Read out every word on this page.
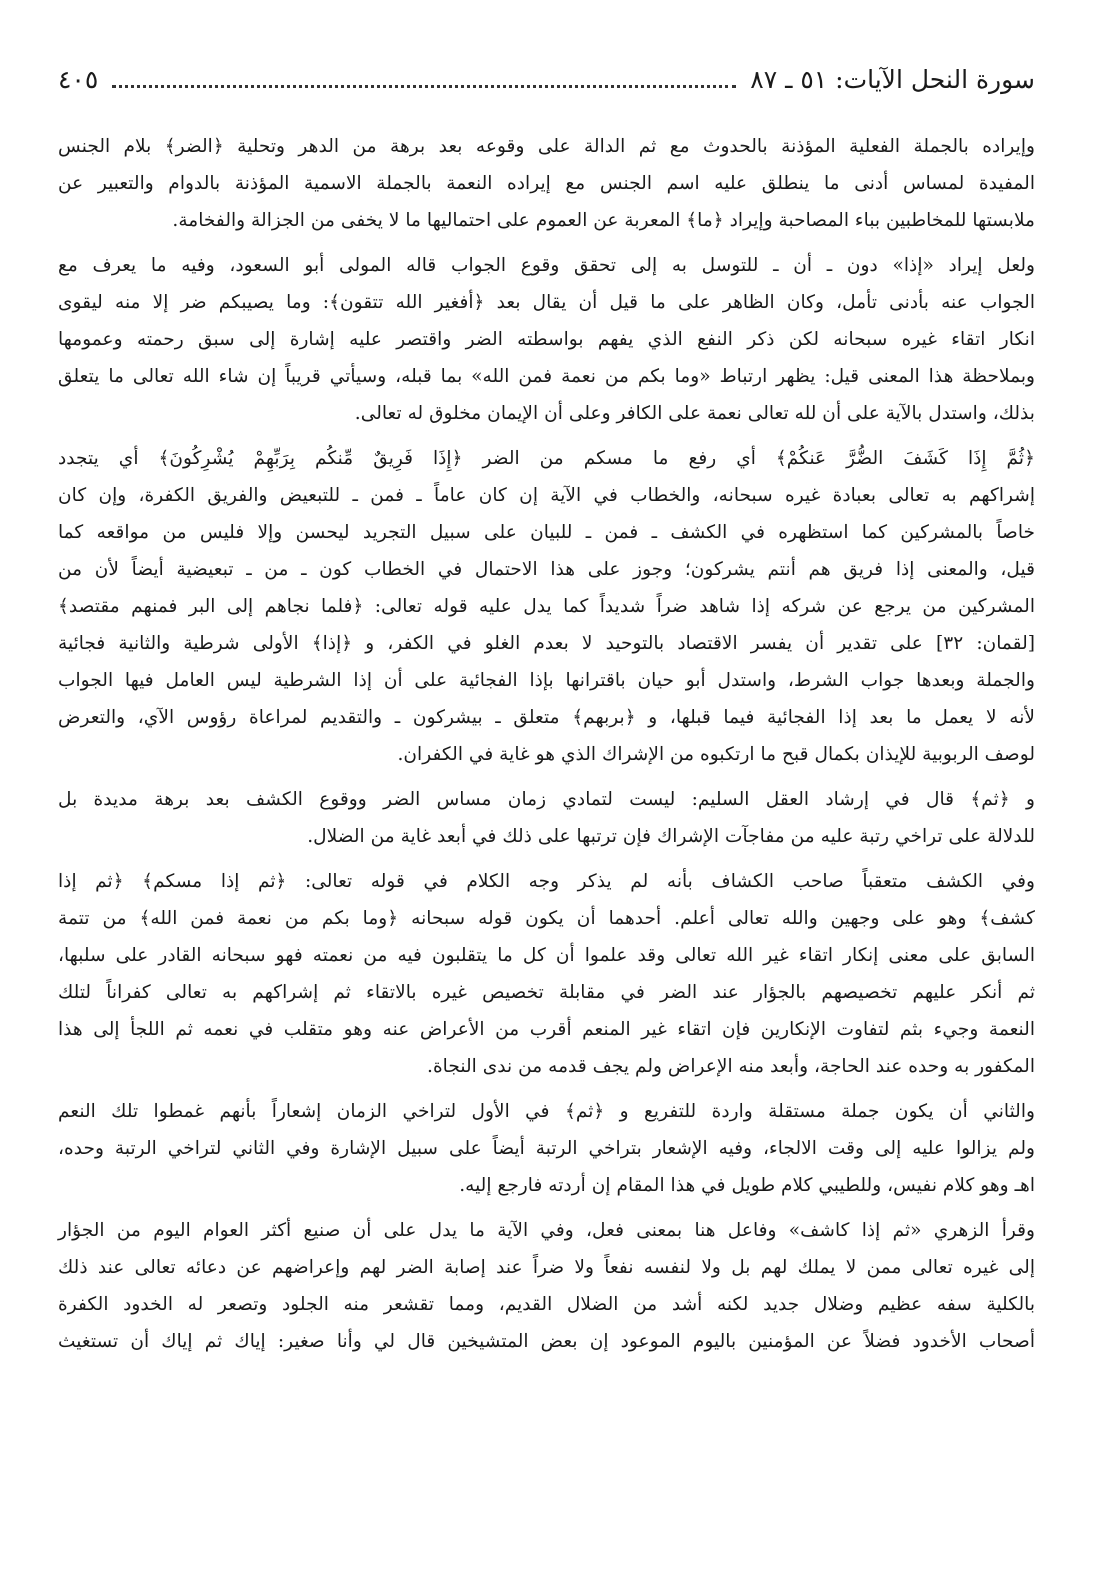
سورة النحل الآيات: ٥١ ـ ٨٧
٤٠٥

وإيراده بالجملة الفعلية المؤذنة بالحدوث مع ثم الدالة على وقوعه بعد برهة من الدهر وتحلية ﴿الضر﴾ بلام الجنس
المفيدة لمساس أدنى ما ينطلق عليه اسم الجنس مع إيراده النعمة بالجملة الاسمية المؤذنة بالدوام والتعبير عن
ملابستها للمخاطبين بباء المصاحبة وإيراد ﴿ما﴾ المعربة عن العموم على احتماليها ما لا يخفى من الجزالة والفخامة.

ولعل إيراد «إذا» دون ـ أن ـ للتوسل به إلى تحقق وقوع الجواب قاله المولى أبو السعود، وفيه ما يعرف مع
الجواب عنه بأدنى تأمل، وكان الظاهر على ما قيل أن يقال بعد ﴿أفغير الله تتقون﴾: وما يصيبكم ضر إلا منه ليقوى
انكار اتقاء غيره سبحانه لكن ذكر النفع الذي يفهم بواسطته الضر واقتصر عليه إشارة إلى سبق رحمته وعمومها
وبملاحظة هذا المعنى قيل: يظهر ارتباط «وما بكم من نعمة فمن الله» بما قبله، وسيأتي قريباً إن شاء الله تعالى ما يتعلق
بذلك، واستدل بالآية على أن لله تعالى نعمة على الكافر وعلى أن الإيمان مخلوق له تعالى.

﴿ثُمَّ إِذَا كَشَفَ الضُّرَّ عَنكُمْ﴾ أي رفع ما مسكم من الضر ﴿إِذَا فَرِيقٌ مِّنكُم بِرَبِّهِمْ يُشْرِكُونَ﴾ أي يتجدد
إشراكهم به تعالى بعبادة غيره سبحانه، والخطاب في الآية إن كان عاماً ـ فمن ـ للتبعيض والفريق الكفرة، وإن كان
خاصاً بالمشركين كما استظهره في الكشف ـ فمن ـ للبيان على سبيل التجريد ليحسن وإلا فليس من مواقعه كما
قيل، والمعنى إذا فريق هم أنتم يشركون؛ وجوز على هذا الاحتمال في الخطاب كون ـ من ـ تبعيضية أيضاً لأن من
المشركين من يرجع عن شركه إذا شاهد ضراً شديداً كما يدل عليه قوله تعالى: ﴿فلما نجاهم إلى البر فمنهم مقتصد﴾
[لقمان: ٣٢] على تقدير أن يفسر الاقتصاد بالتوحيد لا بعدم الغلو في الكفر، و ﴿إذا﴾ الأولى شرطية والثانية فجائية
والجملة وبعدها جواب الشرط، واستدل أبو حيان باقترانها بإذا الفجائية على أن إذا الشرطية ليس العامل فيها الجواب
لأنه لا يعمل ما بعد إذا الفجائية فيما قبلها، و ﴿بربهم﴾ متعلق ـ بيشركون ـ والتقديم لمراعاة رؤوس الآي، والتعرض
لوصف الربوبية للإيذان بكمال قبح ما ارتكبوه من الإشراك الذي هو غاية في الكفران.

و ﴿ثم﴾ قال في إرشاد العقل السليم: ليست لتمادي زمان مساس الضر ووقوع الكشف بعد برهة مديدة بل
للدلالة على تراخي رتبة عليه من مفاجآت الإشراك فإن ترتبها على ذلك في أبعد غاية من الضلال.

وفي الكشف متعقباً صاحب الكشاف بأنه لم يذكر وجه الكلام في قوله تعالى: ﴿ثم إذا مسكم﴾ ﴿ثم إذا
كشف﴾ وهو على وجهين والله تعالى أعلم. أحدهما أن يكون قوله سبحانه ﴿وما بكم من نعمة فمن الله﴾ من تتمة
السابق على معنى إنكار اتقاء غير الله تعالى وقد علموا أن كل ما يتقلبون فيه من نعمته فهو سبحانه القادر على سلبها،
ثم أنكر عليهم تخصيصهم بالجؤار عند الضر في مقابلة تخصيص غيره بالاتقاء ثم إشراكهم به تعالى كفراناً لتلك
النعمة وجيء بثم لتفاوت الإنكارين فإن اتقاء غير المنعم أقرب من الأعراض عنه وهو متقلب في نعمه ثم اللجأ إلى هذا
المكفور به وحده عند الحاجة، وأبعد منه الإعراض ولم يجف قدمه من ندى النجاة.

والثاني أن يكون جملة مستقلة واردة للتفريع و ﴿ثم﴾ في الأول لتراخي الزمان إشعاراً بأنهم غمطوا تلك النعم
ولم يزالوا عليه إلى وقت الالجاء، وفيه الإشعار بتراخي الرتبة أيضاً على سبيل الإشارة وفي الثاني لتراخي الرتبة وحده،
اهـ وهو كلام نفيس، وللطيبي كلام طويل في هذا المقام إن أردته فارجع إليه.

وقرأ الزهري «ثم إذا كاشف» وفاعل هنا بمعنى فعل، وفي الآية ما يدل على أن صنيع أكثر العوام اليوم من الجؤار
إلى غيره تعالى ممن لا يملك لهم بل ولا لنفسه نفعاً ولا ضراً عند إصابة الضر لهم وإعراضهم عن دعائه تعالى عند ذلك
بالكلية سفه عظيم وضلال جديد لكنه أشد من الضلال القديم، ومما تقشعر منه الجلود وتصعر له الخدود الكفرة
أصحاب الأخدود فضلاً عن المؤمنين باليوم الموعود إن بعض المتشيخين قال لي وأنا صغير: إياك ثم إياك أن تستغيث
